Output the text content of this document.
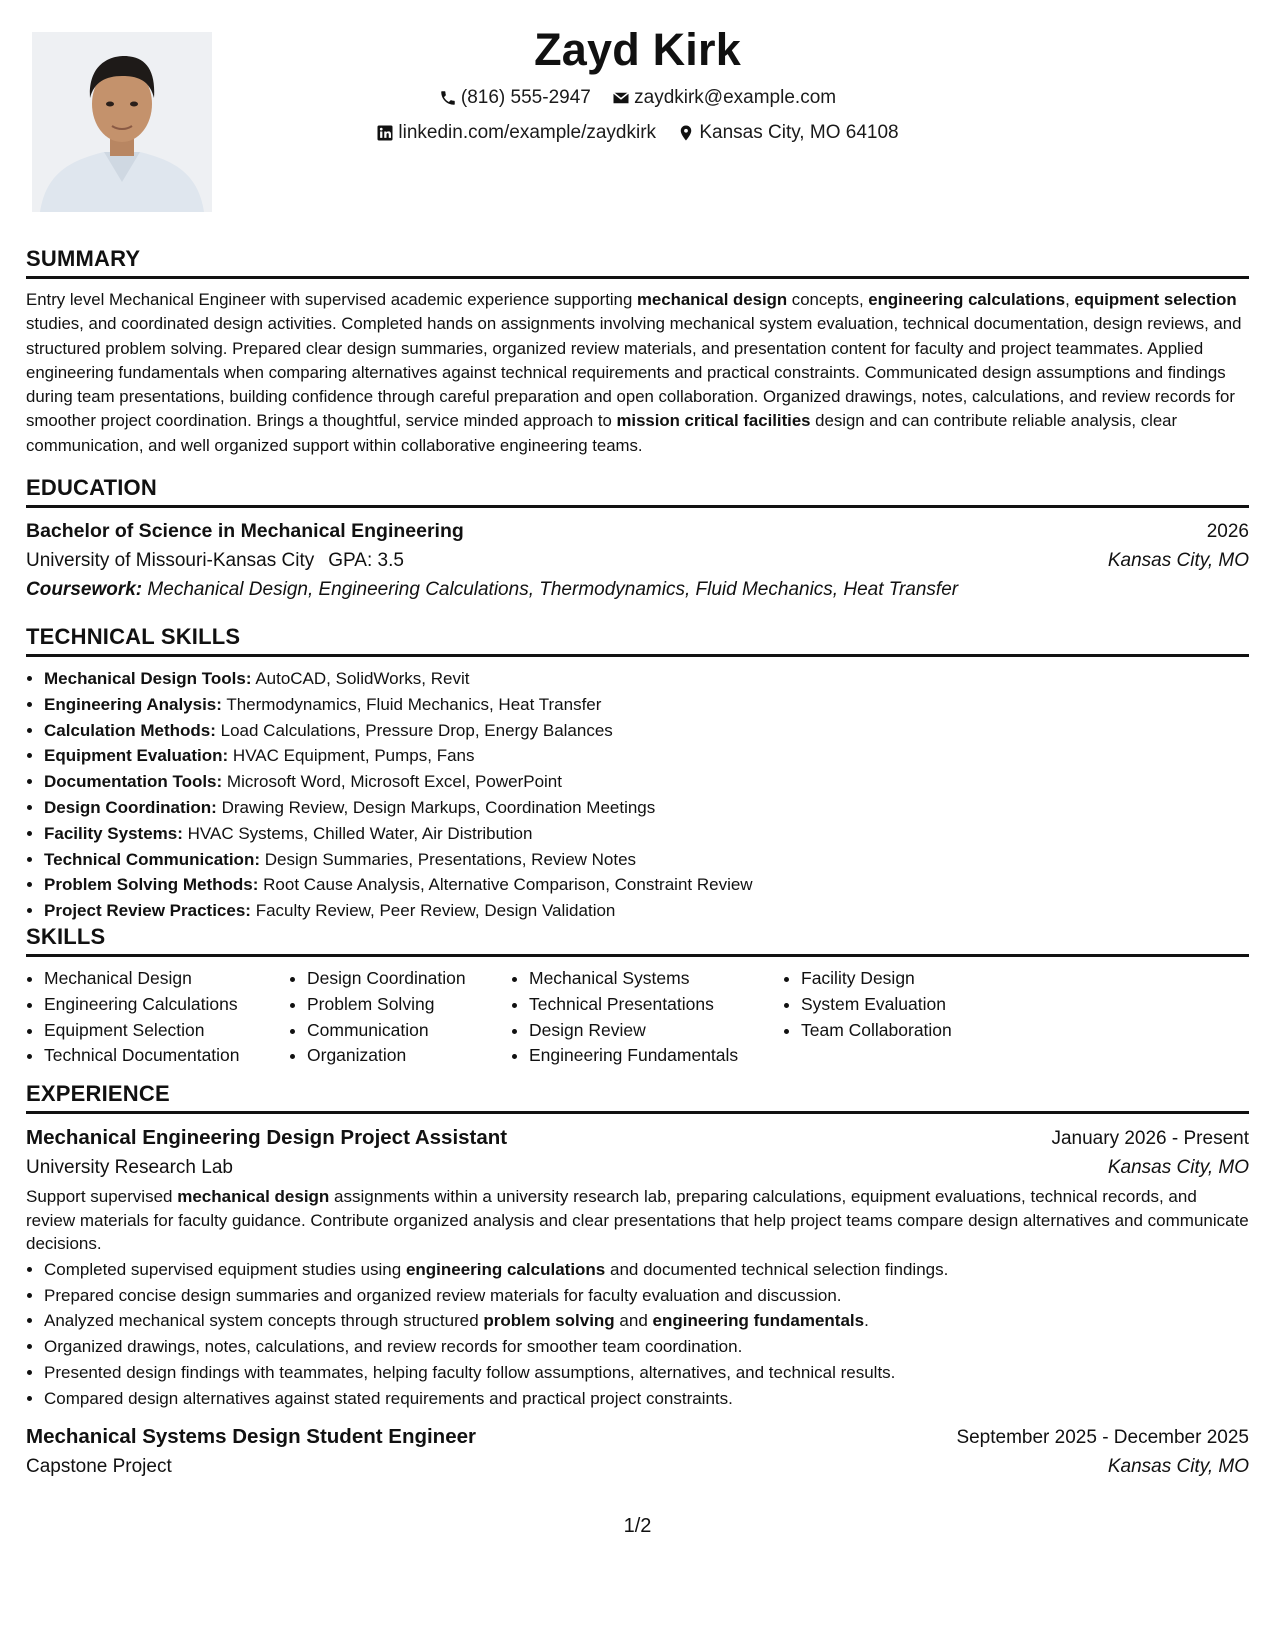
Zayd Kirk
(816) 555-2947
zaydkirk@example.com
linkedin.com/example/zaydkirk
Kansas City, MO 64108
SUMMARY

Entry level Mechanical Engineer with supervised academic experience supporting mechanical design concepts, engineering calculations, equipment selection studies, and coordinated design activities. Completed hands on assignments involving mechanical system evaluation, technical documentation, design reviews, and structured problem solving. Prepared clear design summaries, organized review materials, and presentation content for faculty and project teammates. Applied engineering fundamentals when comparing alternatives against technical requirements and practical constraints. Communicated design assumptions and findings during team presentations, building confidence through careful preparation and open collaboration. Organized drawings, notes, calculations, and review records for smoother project coordination. Brings a thoughtful, service minded approach to mission critical facilities design and can contribute reliable analysis, clear communication, and well organized support within collaborative engineering teams.

EDUCATION
Bachelor of Science in Mechanical Engineering	2026
University of Missouri-Kansas City GPA: 3.5	Kansas City, MO
Coursework: Mechanical Design, Engineering Calculations, Thermodynamics, Fluid Mechanics, Heat Transfer
TECHNICAL SKILLS
• Mechanical Design Tools: AutoCAD, SolidWorks, Revit
• Engineering Analysis: Thermodynamics, Fluid Mechanics, Heat Transfer
• Calculation Methods: Load Calculations, Pressure Drop, Energy Balances
• Equipment Evaluation: HVAC Equipment, Pumps, Fans
• Documentation Tools: Microsoft Word, Microsoft Excel, PowerPoint
• Design Coordination: Drawing Review, Design Markups, Coordination Meetings
• Facility Systems: HVAC Systems, Chilled Water, Air Distribution
• Technical Communication: Design Summaries, Presentations, Review Notes
• Problem Solving Methods: Root Cause Analysis, Alternative Comparison, Constraint Review
• Project Review Practices: Faculty Review, Peer Review, Design Validation
SKILLS
• Mechanical Design
• Engineering Calculations
• Equipment Selection
• Technical Documentation
• Design Coordination
• Problem Solving
• Communication
• Organization
• Mechanical Systems
• Technical Presentations
• Design Review
• Engineering Fundamentals
• Facility Design
• System Evaluation
• Team Collaboration
EXPERIENCE
Mechanical Engineering Design Project Assistant	January 2026 - Present
University Research Lab	Kansas City, MO

Support supervised mechanical design assignments within a university research lab, preparing calculations, equipment evaluations, technical records, and review materials for faculty guidance. Contribute organized analysis and clear presentations that help project teams compare design alternatives and communicate decisions.

• Completed supervised equipment studies using engineering calculations and documented technical selection findings.
• Prepared concise design summaries and organized review materials for faculty evaluation and discussion.
• Analyzed mechanical system concepts through structured problem solving and engineering fundamentals.
• Organized drawings, notes, calculations, and review records for smoother team coordination.
• Presented design findings with teammates, helping faculty follow assumptions, alternatives, and technical results.
• Compared design alternatives against stated requirements and practical project constraints.
Mechanical Systems Design Student Engineer	September 2025 - December 2025
Capstone Project	Kansas City, MO
1/2
